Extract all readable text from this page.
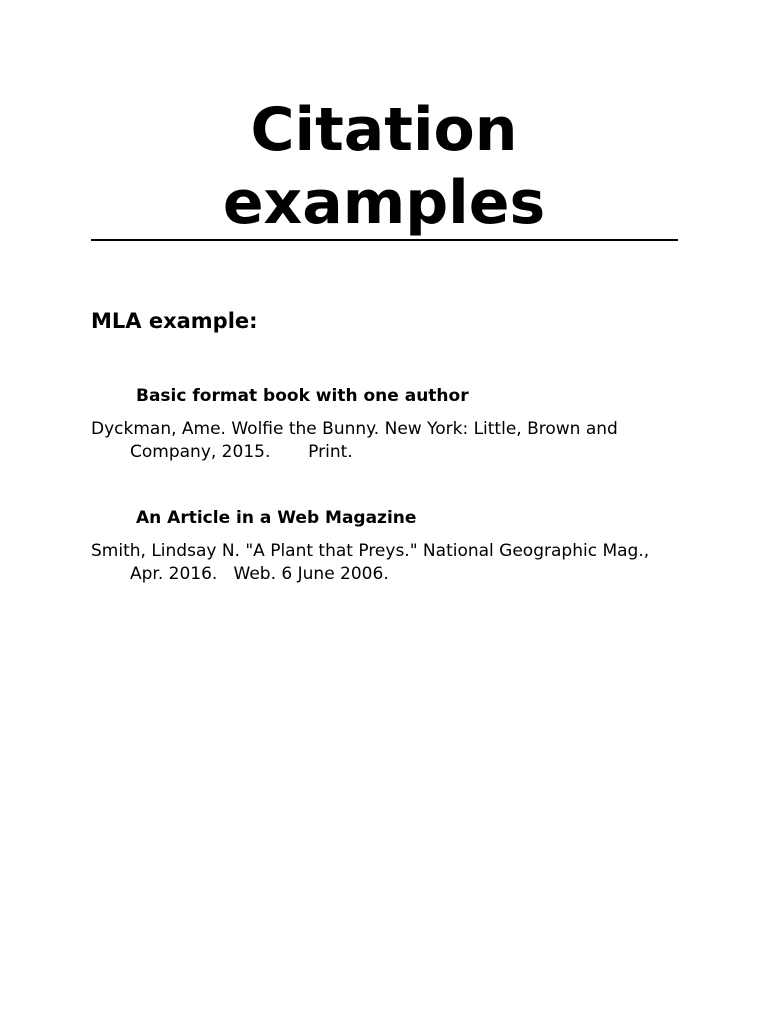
Citation
examples
MLA example:
Basic format book with one author

Dyckman, Ame. Wolfie the Bunny. New York: Little, Brown and
Company, 2015.       Print.

An Article in a Web Magazine

Smith, Lindsay N. "A Plant that Preys." National Geographic Mag.,
Apr. 2016.   Web. 6 June 2006.
